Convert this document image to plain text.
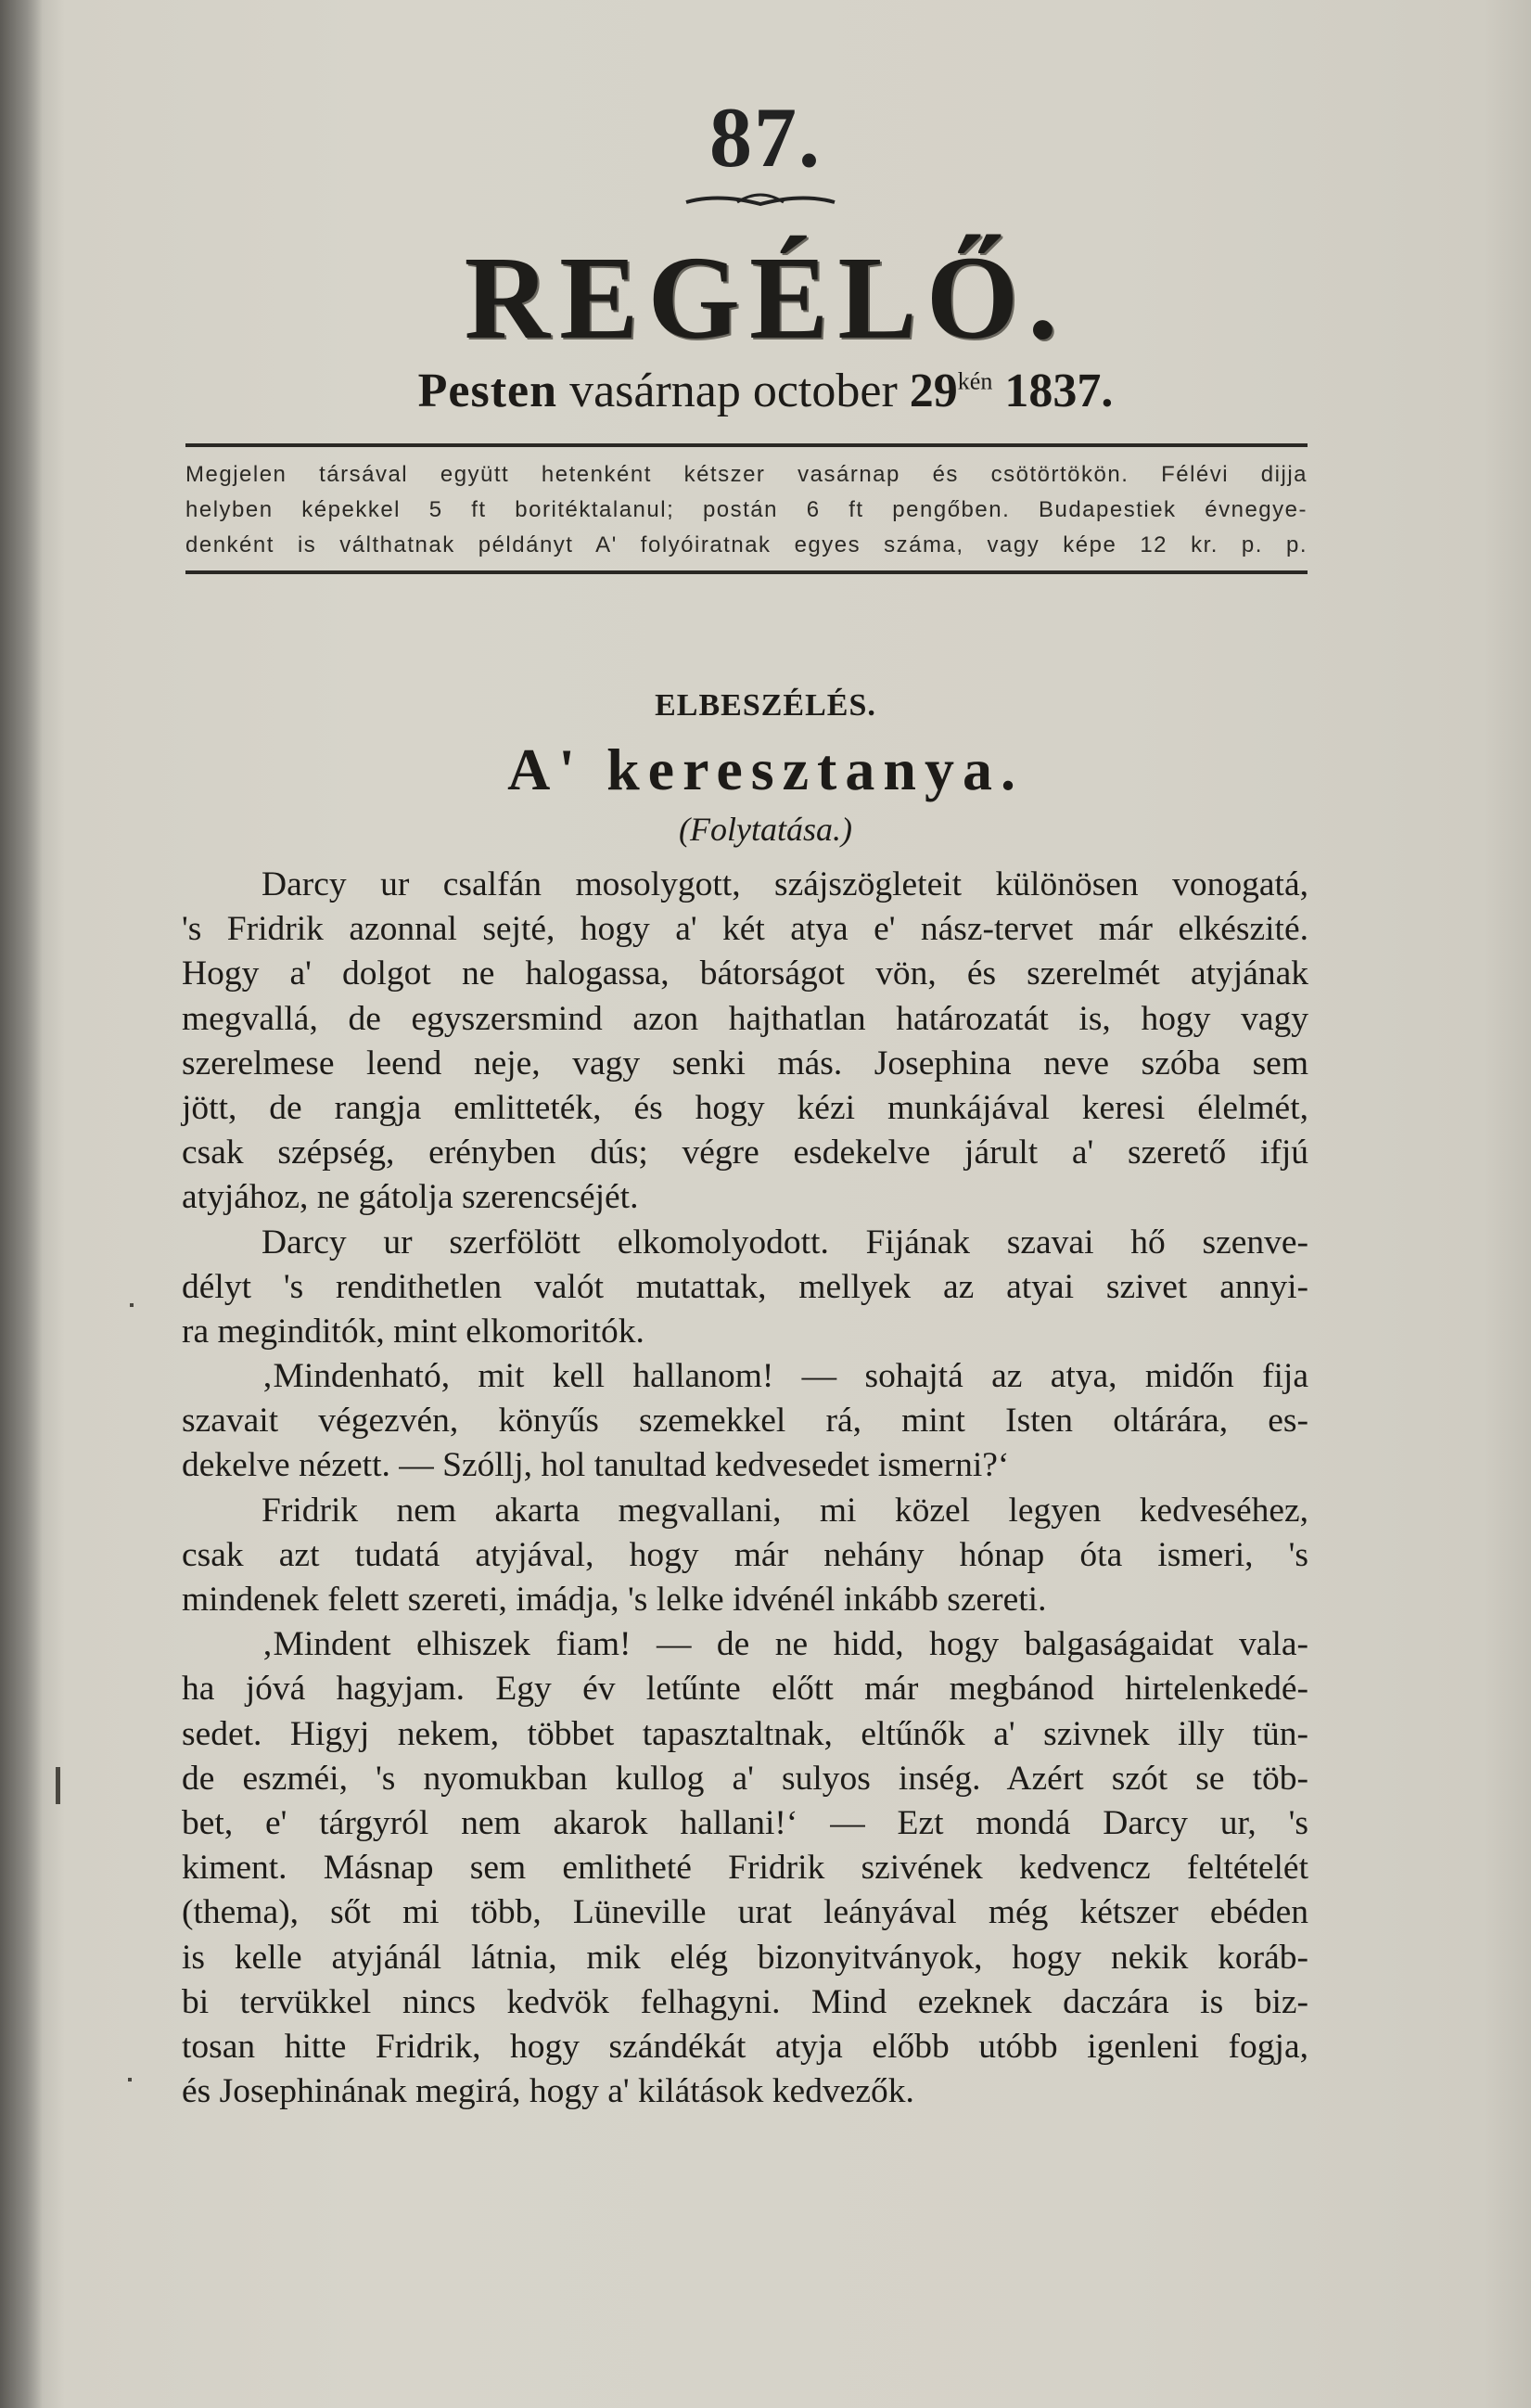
87.
REGÉLŐ.
Pesten vasárnap october $29^{kén}$ 1837.

Megjelen társával együtt hetenként kétszer vasárnap és csötörtökön. Félévi dijja

helyben képekkel 5 ft boritéktalanul; postán 6 ft pengőben. Budapestiek évnegye-

denként is válthatnak példányt A' folyóiratnak egyes száma, vagy képe 12 kr. p. p.

ELBESZÉLÉS.
A' keresztanya.
(Folytatása.)
Darcy ur csalfán mosolygott, szájszögleteit különösen vonogatá,
's Fridrik azonnal sejté, hogy a' két atya e' nász-tervet már elkészité.
Hogy a' dolgot ne halogassa, bátorságot vön, és szerelmét atyjának
megvallá, de egyszersmind azon hajthatlan határozatát is, hogy vagy
szerelmese leend neje, vagy senki más. Josephina neve szóba sem
jött, de rangja emlitteték, és hogy kézi munkájával keresi élelmét,
csak szépség, erényben dús; végre esdekelve járult a' szerető ifjú
atyjához, ne gátolja szerencséjét.
Darcy ur szerfölött elkomolyodott. Fijának szavai hő szenve-
délyt 's rendithetlen valót mutattak, mellyek az atyai szivet annyi-
ra meginditók, mint elkomoritók.
‚Mindenható, mit kell hallanom! — sohajtá az atya, midőn fija
szavait végezvén, könyűs szemekkel rá, mint Isten oltárára, es-
dekelve nézett. — Szóllj, hol tanultad kedvesedet ismerni?‘
Fridrik nem akarta megvallani, mi közel legyen kedveséhez,
csak azt tudatá atyjával, hogy már nehány hónap óta ismeri, 's
mindenek felett szereti, imádja, 's lelke idvénél inkább szereti.
‚Mindent elhiszek fiam! — de ne hidd, hogy balgaságaidat vala-
ha jóvá hagyjam. Egy év letűnte előtt már megbánod hirtelenkedé-
sedet. Higyj nekem, többet tapasztaltnak, eltűnők a' szivnek illy tün-
de eszméi, 's nyomukban kullog a' sulyos inség. Azért szót se töb-
bet, e' tárgyról nem akarok hallani!‘ — Ezt mondá Darcy ur, 's
kiment. Másnap sem emlitheté Fridrik szivének kedvencz feltételét
(thema), sőt mi több, Lüneville urat leányával még kétszer ebéden
is kelle atyjánál látnia, mik elég bizonyitványok, hogy nekik koráb-
bi tervükkel nincs kedvök felhagyni. Mind ezeknek daczára is biz-
tosan hitte Fridrik, hogy szándékát atyja előbb utóbb igenleni fogja,
és Josephinának megirá, hogy a' kilátások kedvezők.
